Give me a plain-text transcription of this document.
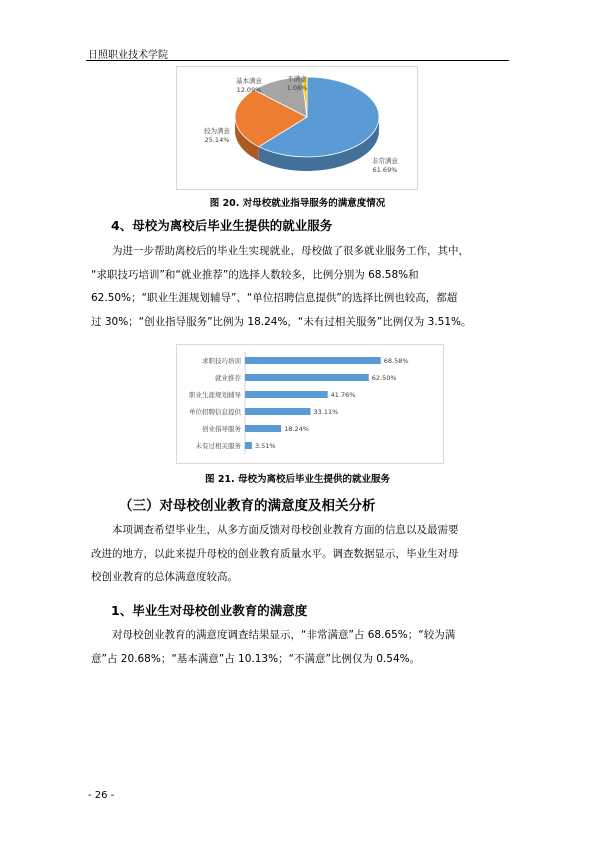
日照职业技术学院
非常满意
61.69%
较为满意
25.14%
基本满意
12.09%
不满意
1.08%
图 20. 对母校就业指导服务的满意度情况
4、母校为离校后毕业生提供的就业服务
为进一步帮助离校后的毕业生实现就业，母校做了很多就业服务工作，其中，
“求职技巧培训”和“就业推荐”的选择人数较多，比例分别为 68.58%和
62.50%；“职业生涯规划辅导”、“单位招聘信息提供”的选择比例也较高，都超
过 30%；“创业指导服务”比例为 18.24%，“未有过相关服务”比例仅为 3.51%。
求职技巧培训	68.58%
就业推荐	62.50%
职业生涯规划辅导	41.76%
单位招聘信息提供	33.11%
创业指导服务	18.24%
未有过相关服务 3.51%
图 21. 母校为离校后毕业生提供的就业服务
（三）对母校创业教育的满意度及相关分析
本项调查希望毕业生，从多方面反馈对母校创业教育方面的信息以及最需要
改进的地方，以此来提升母校的创业教育质量水平。调查数据显示，毕业生对母
校创业教育的总体满意度较高。
1、毕业生对母校创业教育的满意度
对母校创业教育的满意度调查结果显示，“非常满意”占 68.65%；“较为满
意”占 20.68%；“基本满意”占 10.13%；“不满意”比例仅为 0.54%。
- 26 -
